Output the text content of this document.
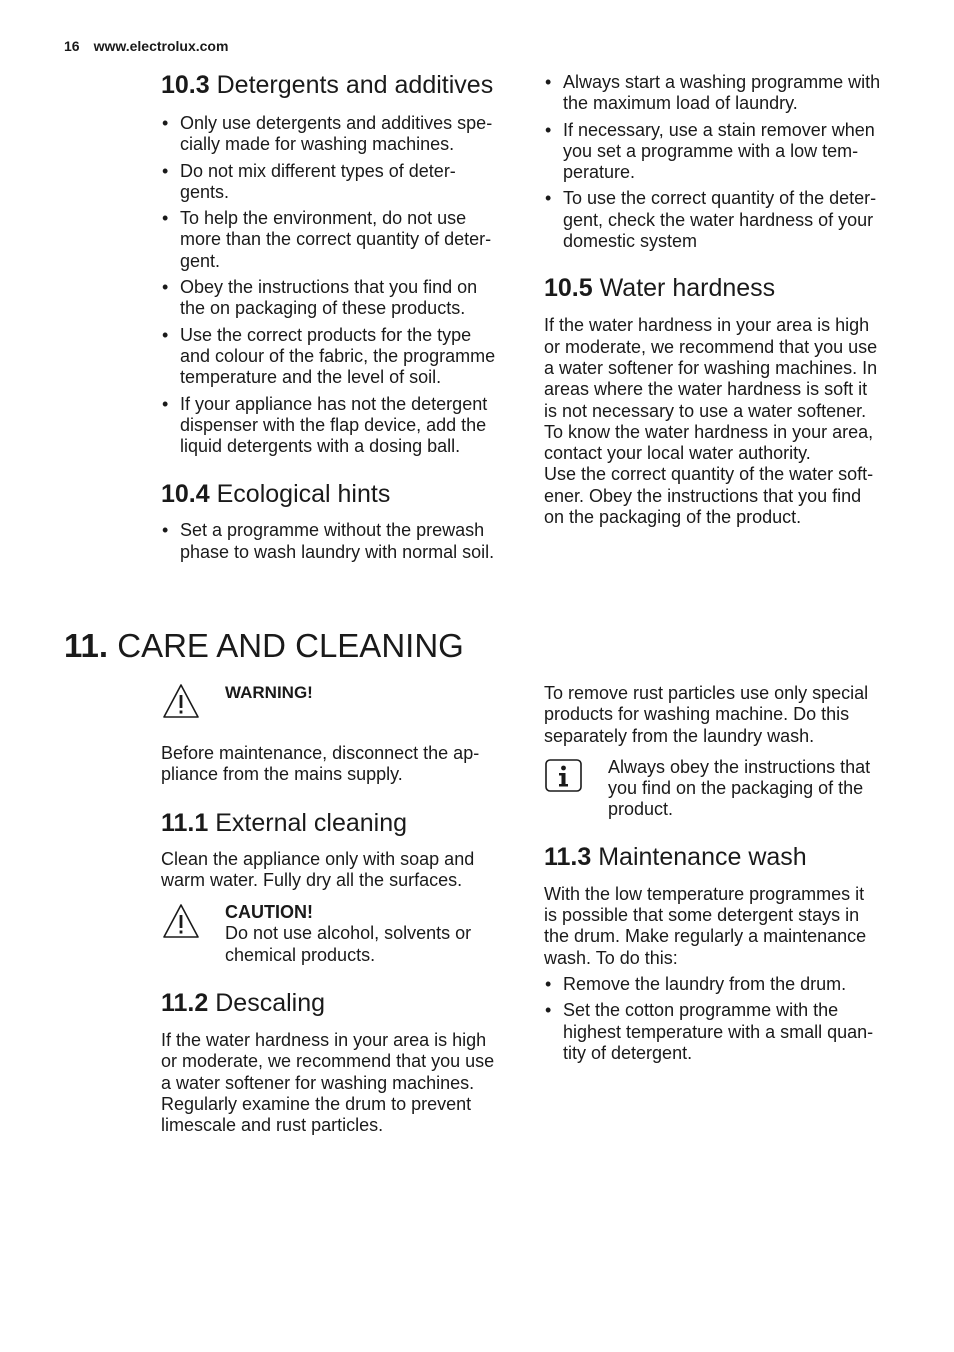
16 www.electrolux.com
10.3 Detergents and additives
• Only use detergents and additives spe-
cially made for washing machines.
• Do not mix different types of deter-
gents.
• To help the environment, do not use
more than the correct quantity of deter-
gent.
• Obey the instructions that you find on
the on packaging of these products.
• Use the correct products for the type
and colour of the fabric, the programme
temperature and the level of soil.
• If your appliance has not the detergent
dispenser with the flap device, add the
liquid detergents with a dosing ball.
10.4 Ecological hints
• Set a programme without the prewash
phase to wash laundry with normal soil.
• Always start a washing programme with
the maximum load of laundry.
• If necessary, use a stain remover when
you set a programme with a low tem-
perature.
• To use the correct quantity of the deter-
gent, check the water hardness of your
domestic system
10.5 Water hardness

If the water hardness in your area is high
or moderate, we recommend that you use
a water softener for washing machines. In
areas where the water hardness is soft it
is not necessary to use a water softener.
To know the water hardness in your area,
contact your local water authority.
Use the correct quantity of the water soft-
ener. Obey the instructions that you find
on the packaging of the product.

11. CARE AND CLEANING
WARNING!

Before maintenance, disconnect the ap-
pliance from the mains supply.

11.1 External cleaning

Clean the appliance only with soap and
warm water. Fully dry all the surfaces.

CAUTION!
Do not use alcohol, solvents or
chemical products.
11.2 Descaling

If the water hardness in your area is high
or moderate, we recommend that you use
a water softener for washing machines.
Regularly examine the drum to prevent
limescale and rust particles.

To remove rust particles use only special
products for washing machine. Do this
separately from the laundry wash.

Always obey the instructions that
you find on the packaging of the
product.
11.3 Maintenance wash

With the low temperature programmes it
is possible that some detergent stays in
the drum. Make regularly a maintenance
wash. To do this:

• Remove the laundry from the drum.
• Set the cotton programme with the
highest temperature with a small quan-
tity of detergent.
